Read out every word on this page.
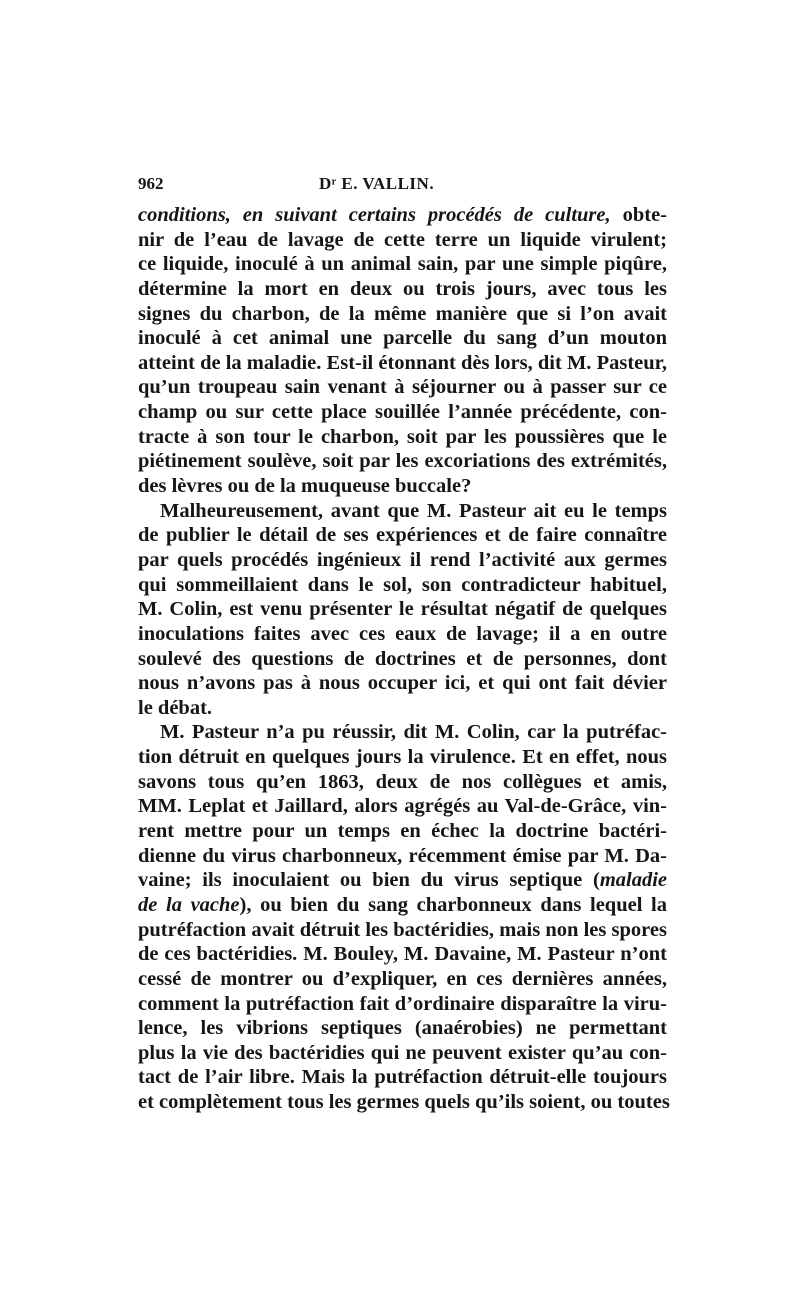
962	Dʳ E. VALLIN.
conditions, en suivant certains procédés de culture, obte-
nir de l’eau de lavage de cette terre un liquide virulent;
ce liquide, inoculé à un animal sain, par une simple piqûre,
détermine la mort en deux ou trois jours, avec tous les
signes du charbon, de la même manière que si l’on avait
inoculé à cet animal une parcelle du sang d’un mouton
atteint de la maladie. Est-il étonnant dès lors, dit M. Pasteur,
qu’un troupeau sain venant à séjourner ou à passer sur ce
champ ou sur cette place souillée l’année précédente, con-
tracte à son tour le charbon, soit par les poussières que le
piétinement soulève, soit par les excoriations des extrémités,
des lèvres ou de la muqueuse buccale?
Malheureusement, avant que M. Pasteur ait eu le temps
de publier le détail de ses expériences et de faire connaître
par quels procédés ingénieux il rend l’activité aux germes
qui sommeillaient dans le sol, son contradicteur habituel,
M. Colin, est venu présenter le résultat négatif de quelques
inoculations faites avec ces eaux de lavage; il a en outre
soulevé des questions de doctrines et de personnes, dont
nous n’avons pas à nous occuper ici, et qui ont fait dévier
le débat.
M. Pasteur n’a pu réussir, dit M. Colin, car la putréfac-
tion détruit en quelques jours la virulence. Et en effet, nous
savons tous qu’en 1863, deux de nos collègues et amis,
MM. Leplat et Jaillard, alors agrégés au Val-de-Grâce, vin-
rent mettre pour un temps en échec la doctrine bactéri-
dienne du virus charbonneux, récemment émise par M. Da-
vaine; ils inoculaient ou bien du virus septique (maladie
de la vache), ou bien du sang charbonneux dans lequel la
putréfaction avait détruit les bactéridies, mais non les spores
de ces bactéridies. M. Bouley, M. Davaine, M. Pasteur n’ont
cessé de montrer ou d’expliquer, en ces dernières années,
comment la putréfaction fait d’ordinaire disparaître la viru-
lence, les vibrions septiques (anaérobies) ne permettant
plus la vie des bactéridies qui ne peuvent exister qu’au con-
tact de l’air libre. Mais la putréfaction détruit-elle toujours
et complètement tous les germes quels qu’ils soient, ou toutes
